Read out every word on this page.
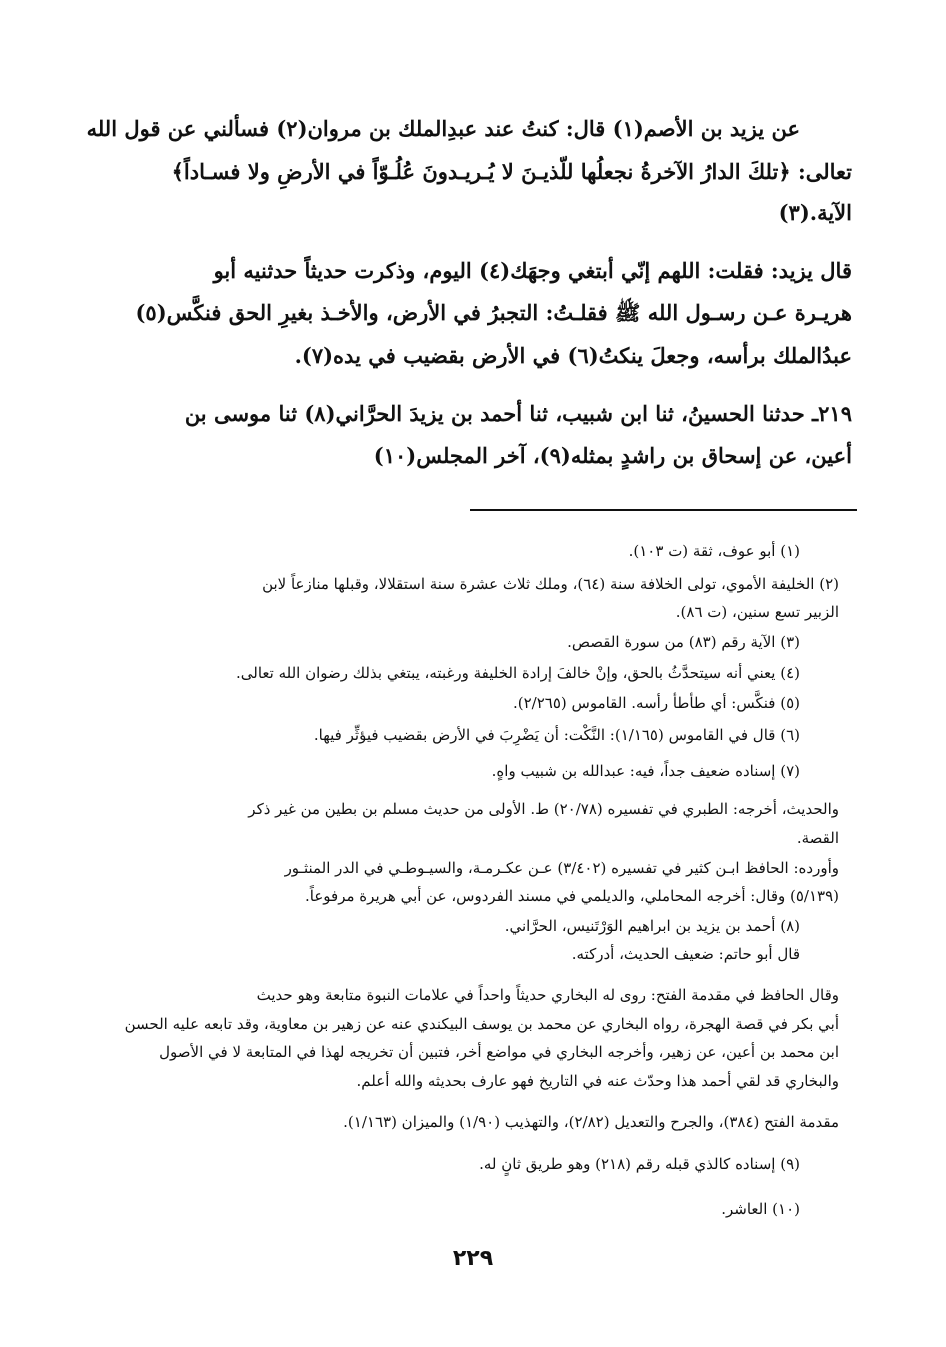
عن يزيد بن الأصم(١) قال: كنتُ عند عبدِالملك بن مروان(٢) فسألني عن قول الله
تعالى: ﴿تلكَ الدارُ الآخرةُ نجعلُها للّذيـنَ لا يُـريـدونَ عُلُـوّاً في الأرضِ ولا فسـاداً﴾
الآية.(٣)
قال يزيد: فقلت: اللهم إنّي أبتغي وجهَك(٤) اليوم، وذكرت حديثاً حدثنيه أبو
هريـرة عـن رسـول الله ﷺ فقلـتُ: التجبرُ في الأرض، والأخـذ بغيرِ الحق فنكَّس(٥)
عبدُالملك برأسه، وجعلَ ينكتُ(٦) في الأرض بقضيب في يده(٧).
٢١٩ـ حدثنا الحسينُ، ثنا ابن شبيب، ثنا أحمد بن يزيدَ الحرَّاني(٨) ثنا موسى بن
أعين، عن إسحاق بن راشدٍ بمثله(٩)، آخر المجلس(١٠)
(١) أبو عوف، ثقة (ت ١٠٣).
(٢) الخليفة الأموي، تولى الخلافة سنة (٦٤)، وملك ثلاث عشرة سنة استقلالا، وقبلها منازعاً لابن
الزبير تسع سنين، (ت ٨٦).
(٣) الآية رقم (٨٣) من سورة القصص.
(٤) يعني أنه سيتحدَّثُ بالحق، وإنْ خالفَ إرادة الخليفة ورغبته، يبتغي بذلك رضوان الله تعالى.
(٥) فنكَّس: أي طأطأ رأسه. القاموس (٢/٢٦٥).
(٦) قال في القاموس (١/١٦٥): النَّكْت: أن يَضْرِبَ في الأرض بقضيب فيؤثِّر فيها.
(٧) إسناده ضعيف جداً، فيه: عبدالله بن شبيب واهٍ.
والحديث، أخرجه: الطبري في تفسيره (٢٠/٧٨) ط. الأولى من حديث مسلم بن بطين من غير ذكر
القصة.
وأورده: الحافظ ابـن كثير في تفسيره (٣/٤٠٢) عـن عكـرمـة، والسيـوطـي في الدر المنثـور
(٥/١٣٩) وقال: أخرجه المحاملي، والديلمي في مسند الفردوس، عن أبي هريرة مرفوعاً.
(٨) أحمد بن يزيد بن ابراهيم الوَرْتَنيس، الحرَّاني.
قال أبو حاتم: ضعيف الحديث، أدركته.
وقال الحافظ في مقدمة الفتح: روى له البخاري حديثاً واحداً في علامات النبوة متابعة وهو حديث
أبي بكر في قصة الهجرة، رواه البخاري عن محمد بن يوسف البيكندي عنه عن زهير بن معاوية، وقد تابعه عليه الحسن
ابن محمد بن أعين، عن زهير، وأخرجه البخاري في مواضع أخر، فتبين أن تخريجه لهذا في المتابعة لا في الأصول
والبخاري قد لقي أحمد هذا وحدّث عنه في التاريخ فهو عارف بحديثه والله أعلم.
مقدمة الفتح (٣٨٤)، والجرح والتعديل (٢/٨٢)، والتهذيب (١/٩٠) والميزان (١/١٦٣).
(٩) إسناده كالذي قبله رقم (٢١٨) وهو طريق ثانٍ له.
(١٠) العاشر.
٢٢٩
